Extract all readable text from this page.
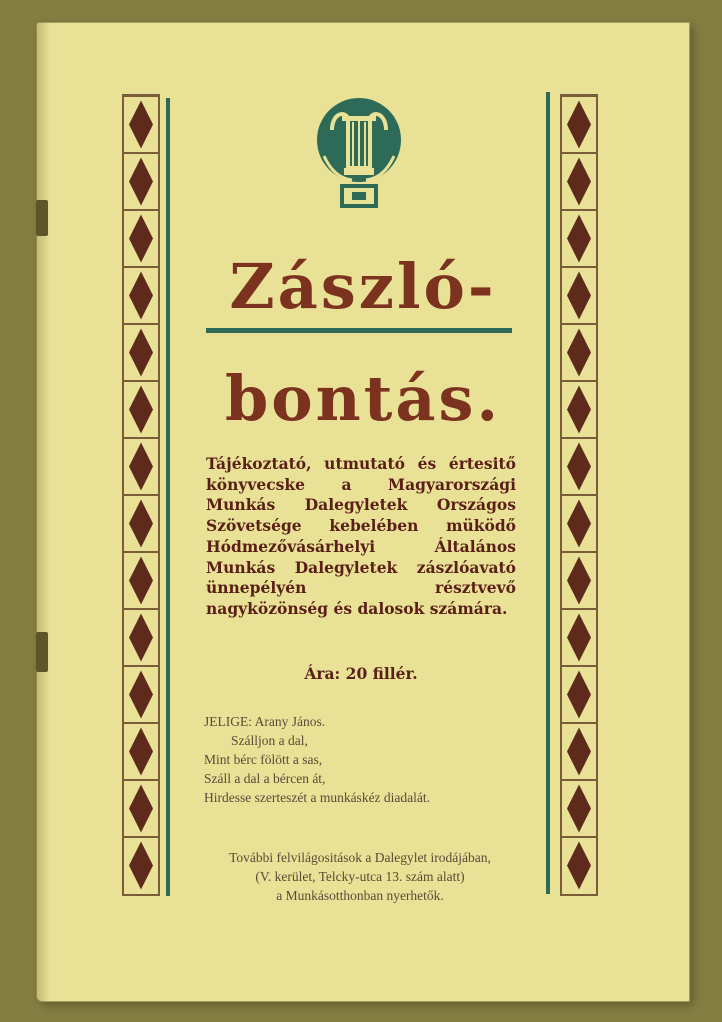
Zászló-
bontás.

Tájékoztató, utmutató és értesitő könyvecske a Magyarországi Munkás Dalegyletek Országos Szövetsége kebelében müködő Hódmezővásárhelyi Általános Munkás Dalegyletek zászlóavató ünnepélyén résztvevő nagyközönség és dalosok számára.

Ára: 20 fillér.

JELIGE: Arany János.
Szálljon a dal,
Mint bérc fölött a sas,
Száll a dal a bércen át,
Hirdesse szerteszét a munkáskéz diadalát.
További felvilágositások a Dalegylet irodájában,
(V. kerület, Telcky-utca 13. szám alatt)
a Munkásotthonban nyerhetők.
